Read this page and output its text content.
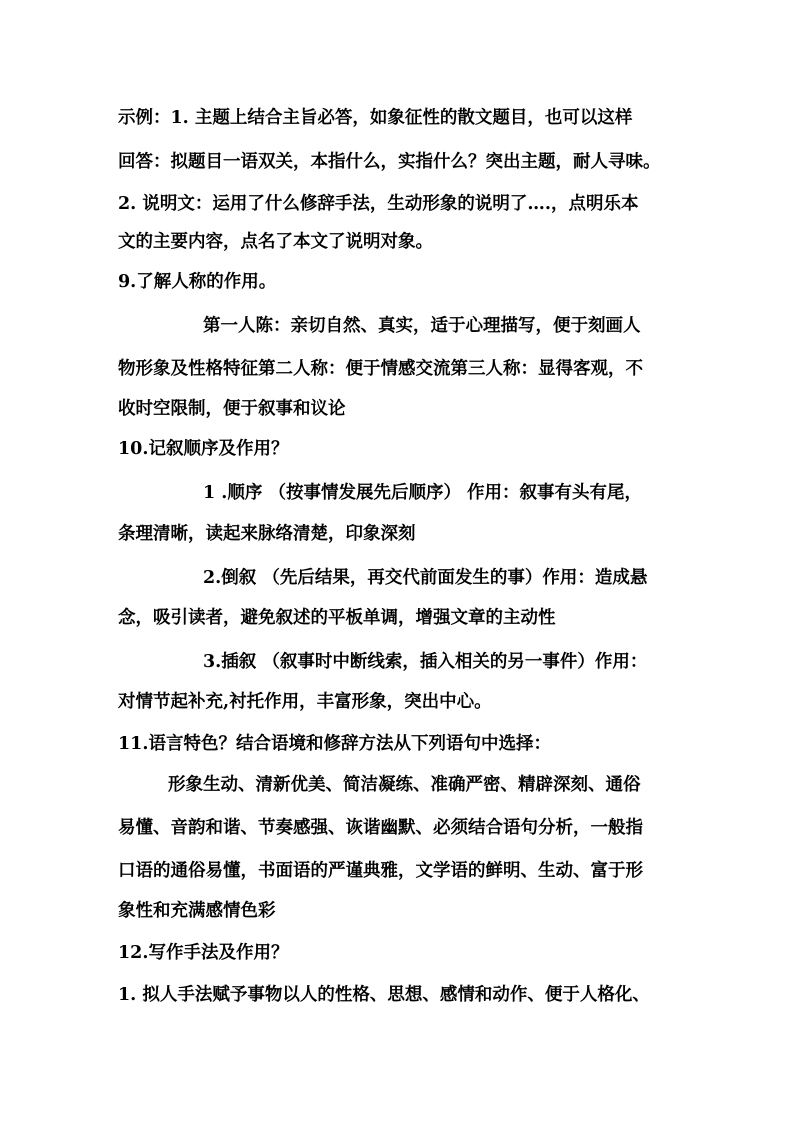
示例：1. 主题上结合主旨必答，如象征性的散文题目，也可以这样
回答：拟题目一语双关，本指什么，实指什么？突出主题，耐人寻味。
2. 说明文：运用了什么修辞手法，生动形象的说明了….，点明乐本
文的主要内容，点名了本文了说明对象。
9.了解人称的作用。
第一人陈：亲切自然、真实，适于心理描写，便于刻画人
物形象及性格特征第二人称：便于情感交流第三人称：显得客观，不
收时空限制，便于叙事和议论
10.记叙顺序及作用？
1 .顺序 （按事情发展先后顺序） 作用：叙事有头有尾，
条理清晰，读起来脉络清楚，印象深刻
2.倒叙 （先后结果，再交代前面发生的事）作用：造成悬
念，吸引读者，避免叙述的平板单调，增强文章的主动性
3.插叙 （叙事时中断线索，插入相关的另一事件）作用：
对情节起补充,衬托作用，丰富形象，突出中心。
11.语言特色？结合语境和修辞方法从下列语句中选择：
形象生动、清新优美、简洁凝练、准确严密、精辟深刻、通俗
易懂、音韵和谐、节奏感强、诙谐幽默、必须结合语句分析，一般指
口语的通俗易懂，书面语的严谨典雅，文学语的鲜明、生动、富于形
象性和充满感情色彩
12.写作手法及作用？
1. 拟人手法赋予事物以人的性格、思想、感情和动作、便于人格化、
